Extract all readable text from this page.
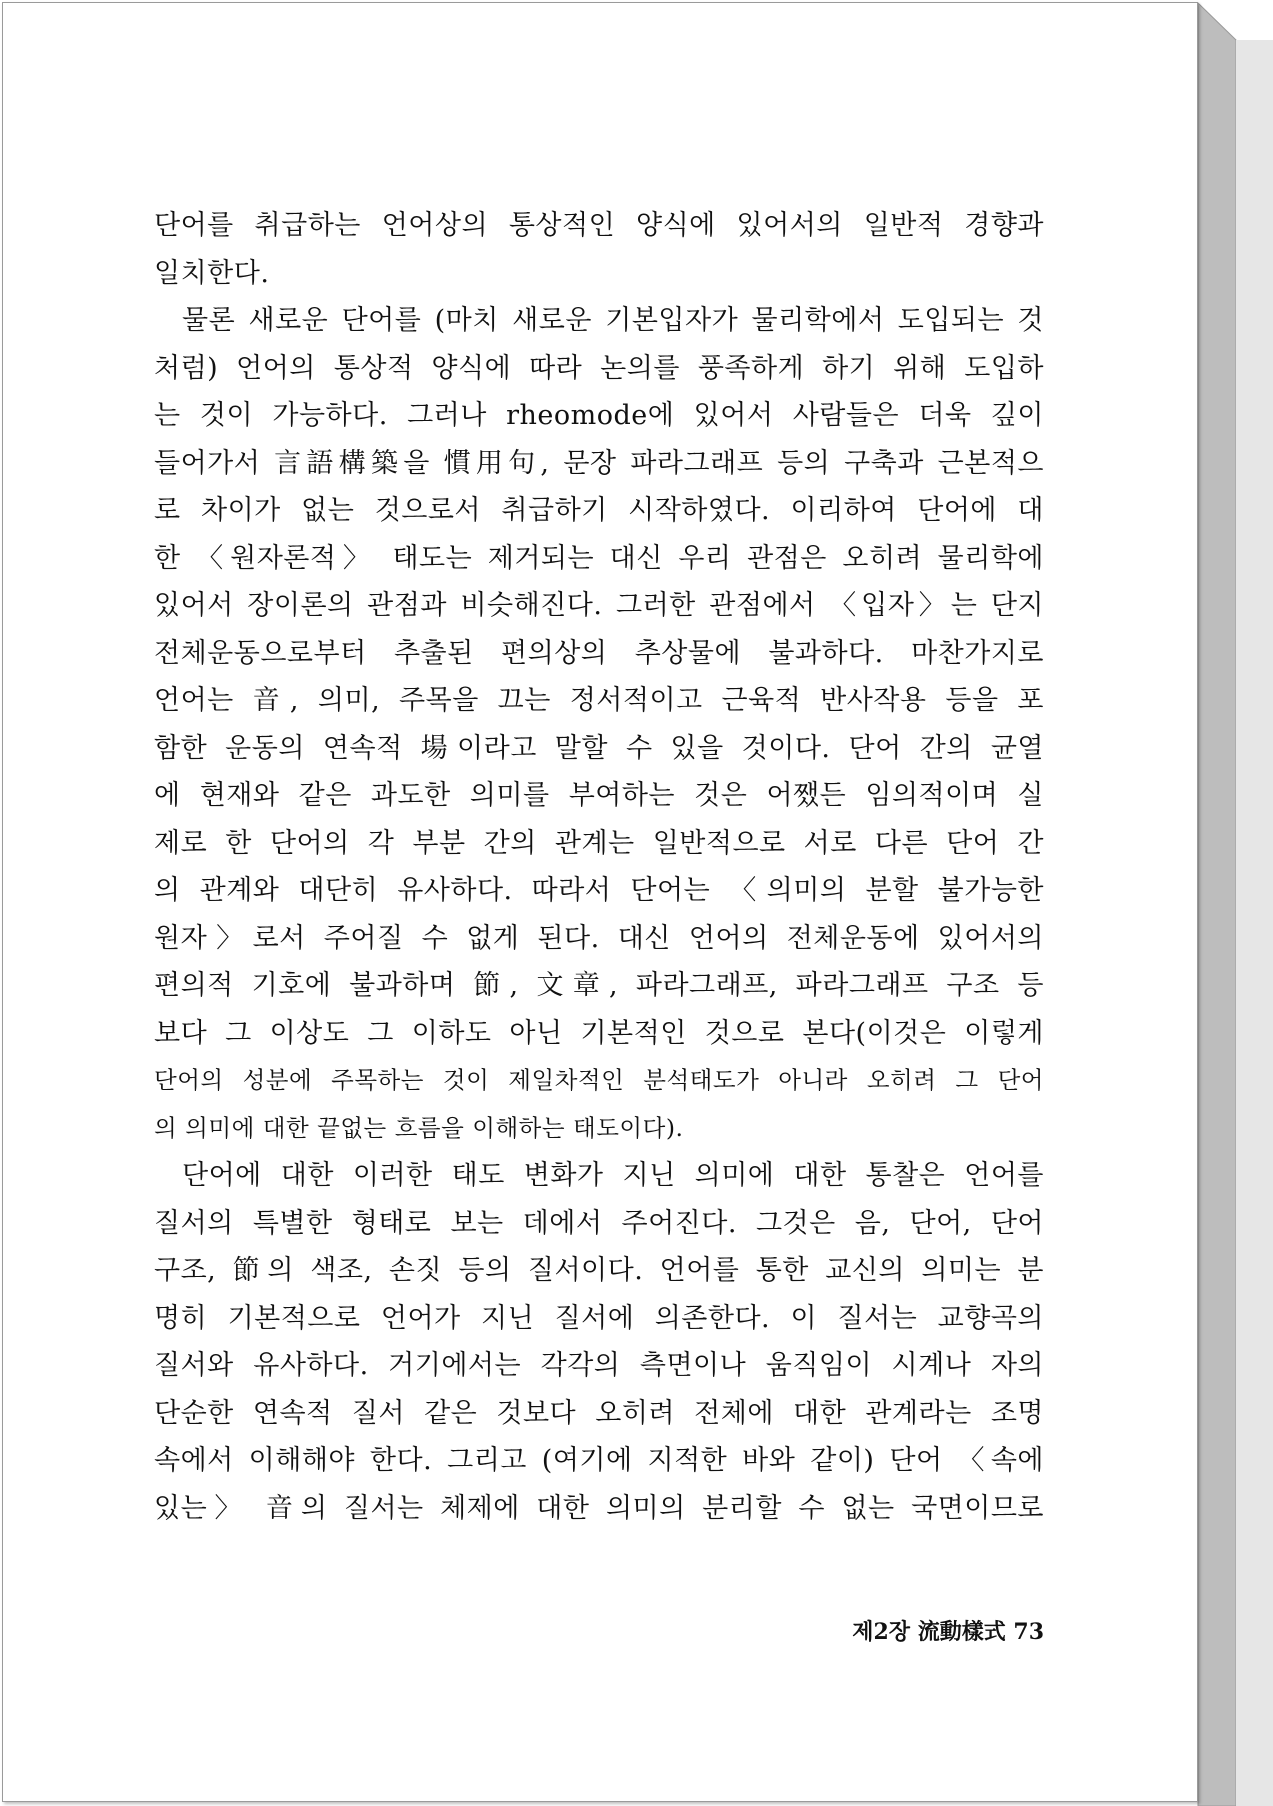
단어를 취급하는 언어상의 통상적인 양식에 있어서의 일반적 경향과
일치한다.
물론 새로운 단어를 (마치 새로운 기본입자가 물리학에서 도입되는 것
처럼) 언어의 통상적 양식에 따라 논의를 풍족하게 하기 위해 도입하
는 것이 가능하다. 그러나 rheomode에 있어서 사람들은 더욱 깊이
들어가서 言語構築을 慣用句, 문장 파라그래프 등의 구축과 근본적으
로 차이가 없는 것으로서 취급하기 시작하였다. 이리하여 단어에 대
한 〈원자론적〉 태도는 제거되는 대신 우리 관점은 오히려 물리학에
있어서 장이론의 관점과 비슷해진다. 그러한 관점에서 〈입자〉는 단지
전체운동으로부터 추출된 편의상의 추상물에 불과하다. 마찬가지로
언어는 音, 의미, 주목을 끄는 정서적이고 근육적 반사작용 등을 포
함한 운동의 연속적 場이라고 말할 수 있을 것이다. 단어 간의 균열
에 현재와 같은 과도한 의미를 부여하는 것은 어쨌든 임의적이며 실
제로 한 단어의 각 부분 간의 관계는 일반적으로 서로 다른 단어 간
의 관계와 대단히 유사하다. 따라서 단어는 〈의미의 분할 불가능한
원자〉로서 주어질 수 없게 된다. 대신 언어의 전체운동에 있어서의
편의적 기호에 불과하며 節, 文章, 파라그래프, 파라그래프 구조 등
보다 그 이상도 그 이하도 아닌 기본적인 것으로 본다(이것은 이렇게
단어의 성분에 주목하는 것이 제일차적인 분석태도가 아니라 오히려 그 단어
의 의미에 대한 끝없는 흐름을 이해하는 태도이다).
단어에 대한 이러한 태도 변화가 지닌 의미에 대한 통찰은 언어를
질서의 특별한 형태로 보는 데에서 주어진다. 그것은 음, 단어, 단어
구조, 節의 색조, 손짓 등의 질서이다. 언어를 통한 교신의 의미는 분
명히 기본적으로 언어가 지닌 질서에 의존한다. 이 질서는 교향곡의
질서와 유사하다. 거기에서는 각각의 측면이나 움직임이 시계나 자의
단순한 연속적 질서 같은 것보다 오히려 전체에 대한 관계라는 조명
속에서 이해해야 한다. 그리고 (여기에 지적한 바와 같이) 단어 〈속에
있는〉 音의 질서는 체제에 대한 의미의 분리할 수 없는 국면이므로
제2장 流動樣式 73
